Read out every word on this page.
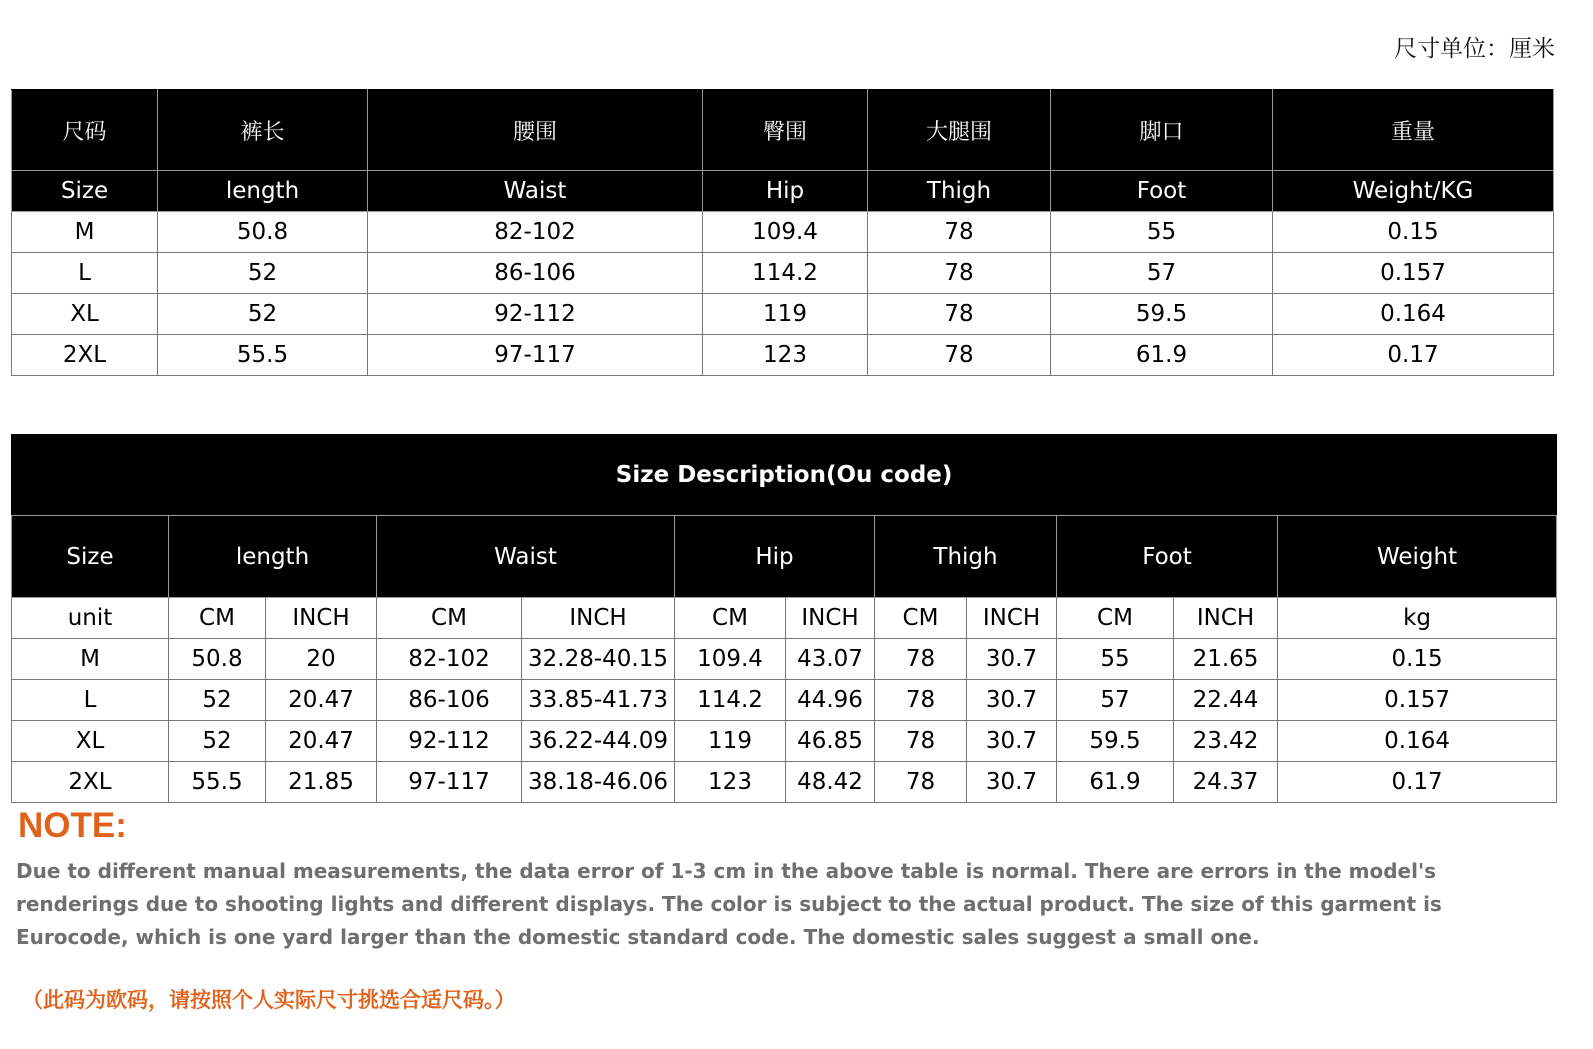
尺寸单位：厘米
尺码	裤长	腰围	臀围	大腿围	脚口	重量
Size	length	Waist	Hip	Thigh	Foot	Weight/KG
M	50.8	82-102	109.4	78	55	0.15
L	52	86-106	114.2	78	57	0.157
XL	52	92-112	119	78	59.5	0.164
2XL	55.5	97-117	123	78	61.9	0.17
Size Description(Ou code)											
Size	length		Waist		Hip		Thigh		Foot		Weight
unit	CM	INCH	CM	INCH	CM	INCH	CM	INCH	CM	INCH	kg
M	50.8	20	82-102	32.28-40.15	109.4	43.07	78	30.7	55	21.65	0.15
L	52	20.47	86-106	33.85-41.73	114.2	44.96	78	30.7	57	22.44	0.157
XL	52	20.47	92-112	36.22-44.09	119	46.85	78	30.7	59.5	23.42	0.164
2XL	55.5	21.85	97-117	38.18-46.06	123	48.42	78	30.7	61.9	24.37	0.17
NOTE:
Due to different manual measurements, the data error of 1-3 cm in the above table is normal. There are errors in the model's renderings due to shooting lights and different displays. The color is subject to the actual product. The size of this garment is Eurocode, which is one yard larger than the domestic standard code. The domestic sales suggest a small one.
（此码为欧码，请按照个人实际尺寸挑选合适尺码。）
